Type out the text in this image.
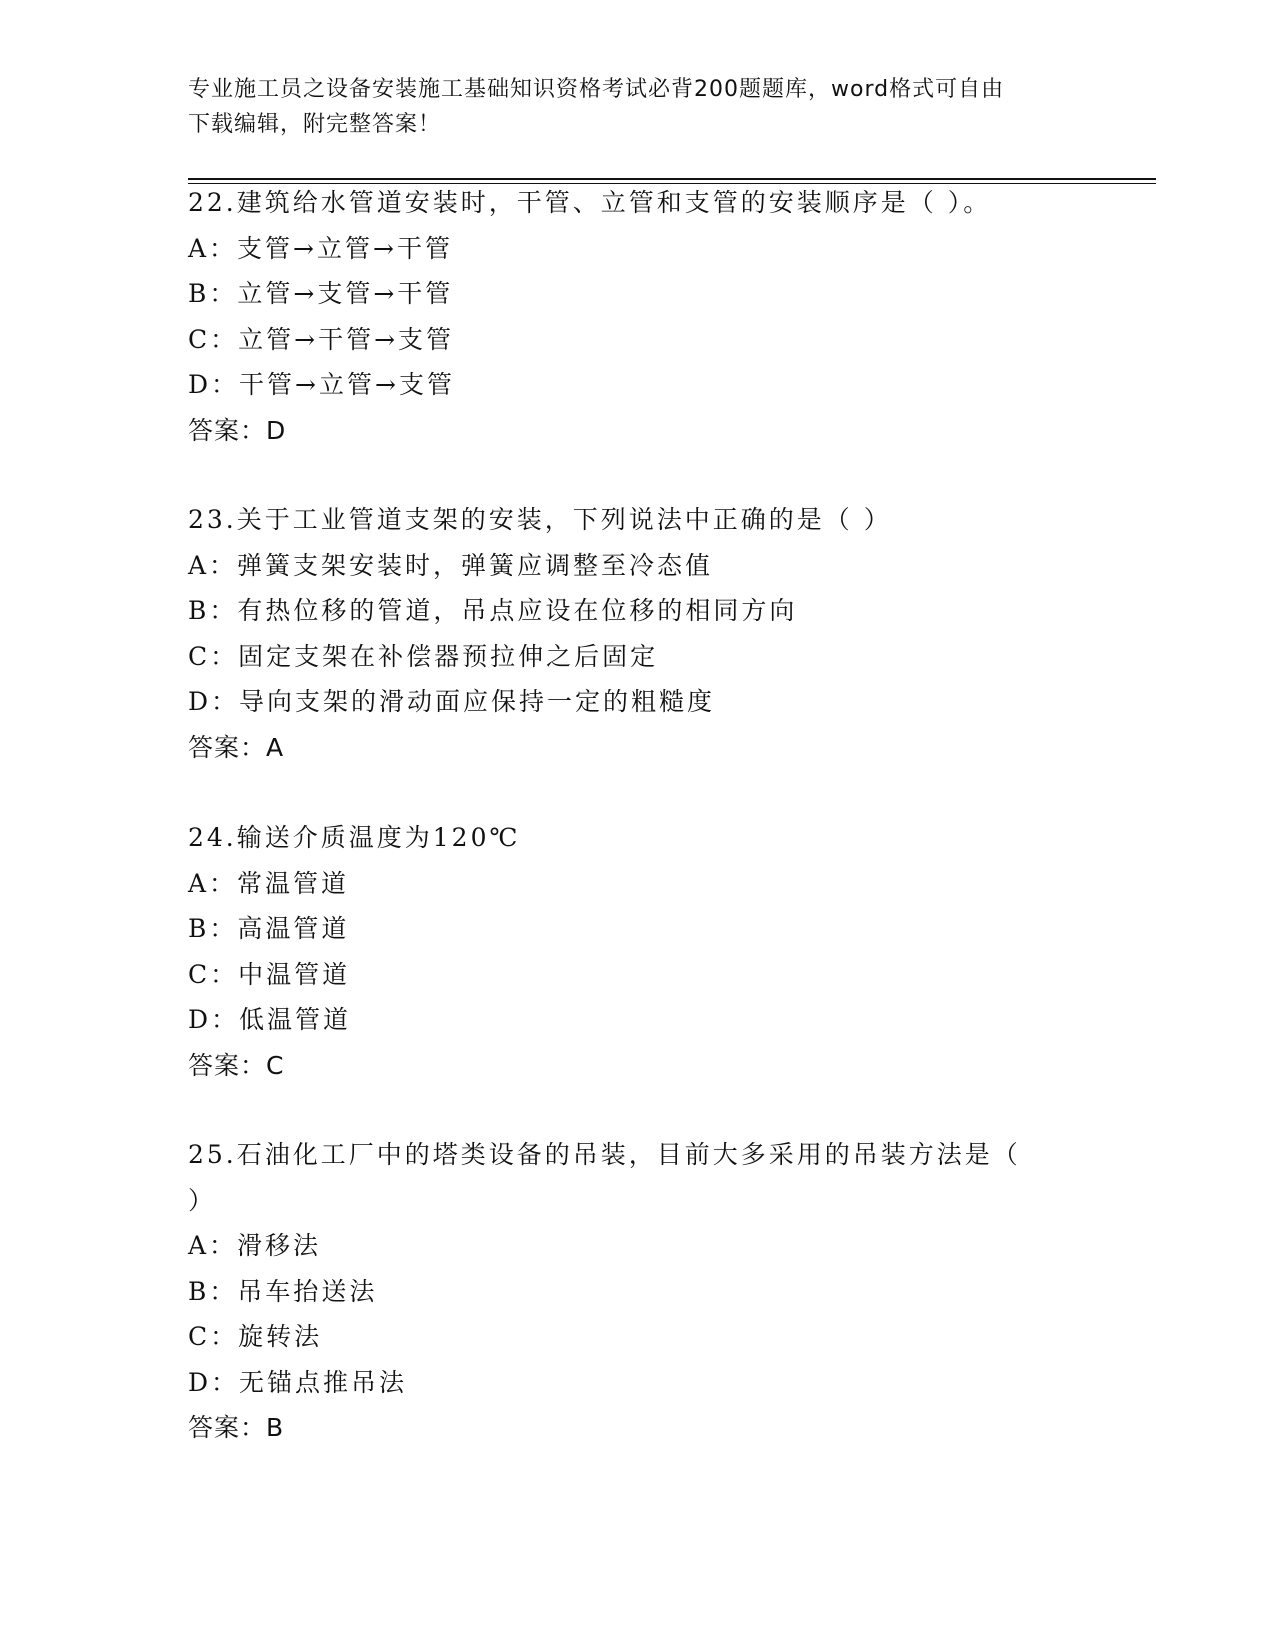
专业施工员之设备安装施工基础知识资格考试必背200题题库，word格式可自由
下载编辑，附完整答案！
22.建筑给水管道安装时，干管、立管和支管的安装顺序是（ ）。
A：支管→立管→干管
B：立管→支管→干管
C：立管→干管→支管
D：干管→立管→支管
答案：D
23.关于工业管道支架的安装，下列说法中正确的是（ ）
A：弹簧支架安装时，弹簧应调整至冷态值
B：有热位移的管道，吊点应设在位移的相同方向
C：固定支架在补偿器预拉伸之后固定
D：导向支架的滑动面应保持一定的粗糙度
答案：A
24.输送介质温度为120℃
A：常温管道
B：高温管道
C：中温管道
D：低温管道
答案：C
25.石油化工厂中的塔类设备的吊装，目前大多采用的吊装方法是（
）
A：滑移法
B：吊车抬送法
C：旋转法
D：无锚点推吊法
答案：B
